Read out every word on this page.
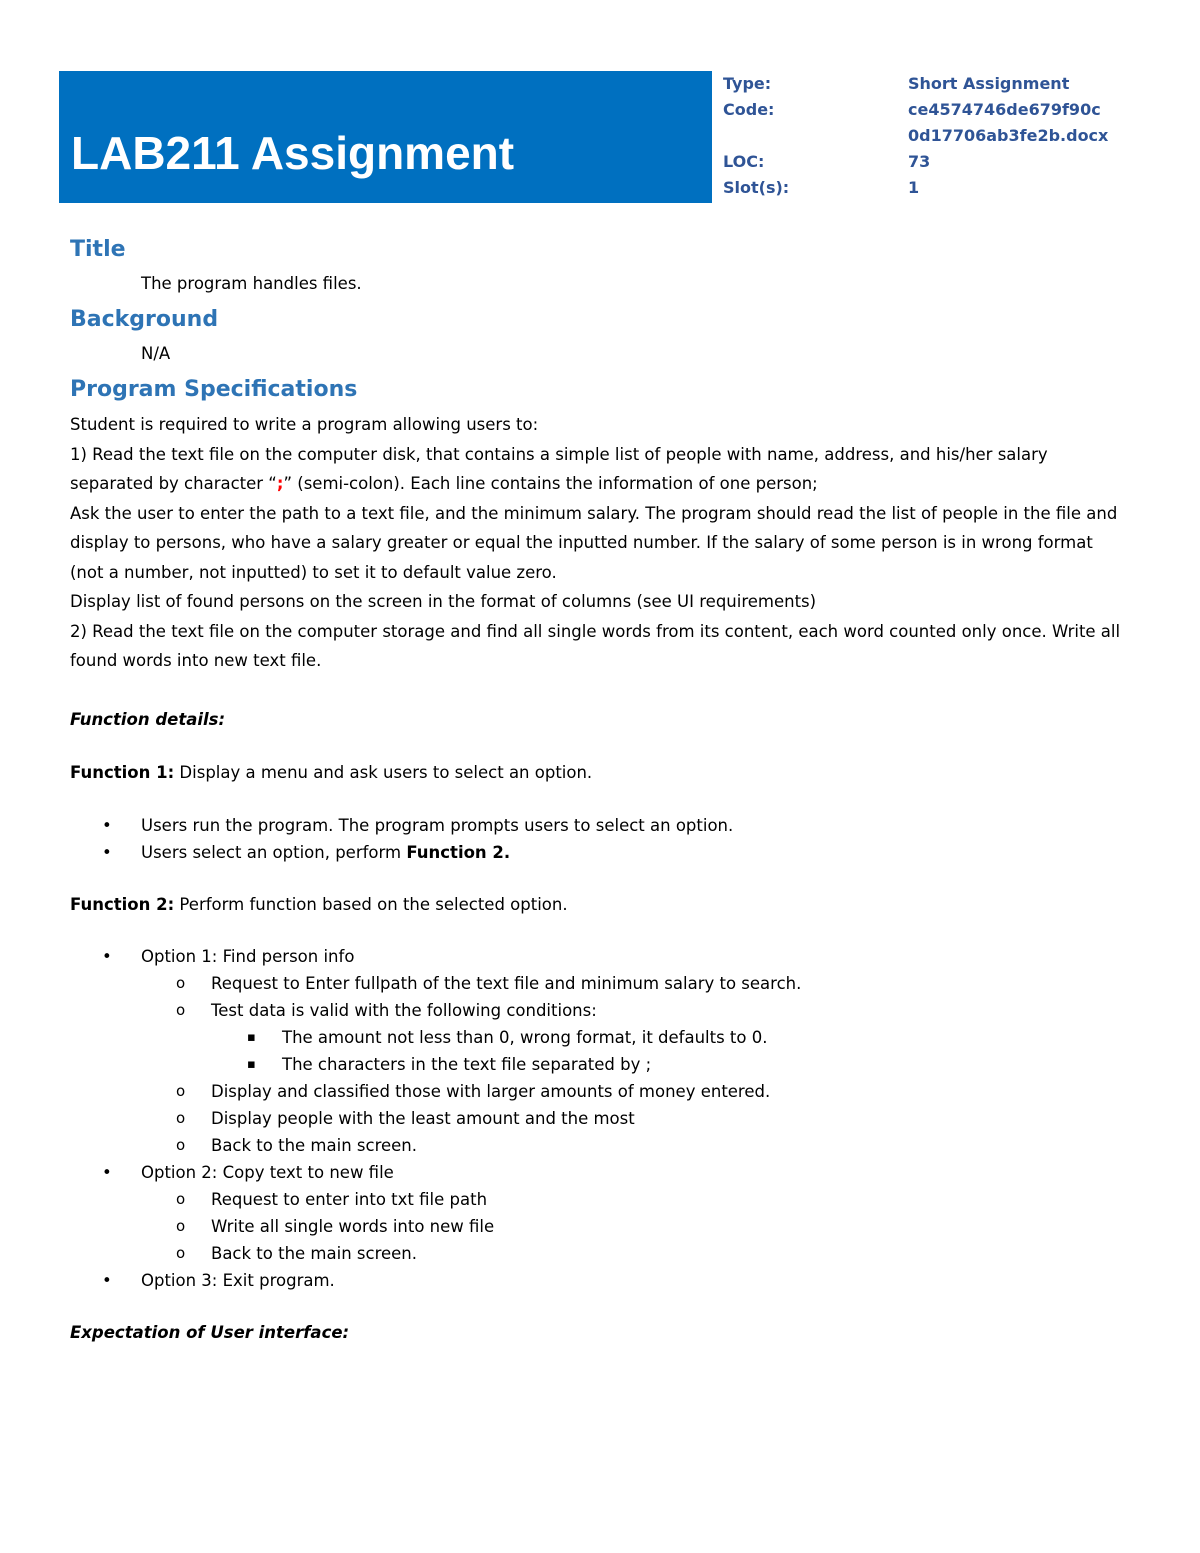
LAB211 Assignment
Type:	Short Assignment
Code:	ce4574746de679f90c
0d17706ab3fe2b.docx
LOC:	73
Slot(s):	1
Title
The program handles files.
Background
N/A
Program Specifications

Student is required to write a program allowing users to:

1) Read the text file on the computer disk, that contains a simple list of people with name, address, and his/her salary separated by character “;” (semi-colon). Each line contains the information of one person;

Ask the user to enter the path to a text file, and the minimum salary. The program should read the list of people in the file and display to persons, who have a salary greater or equal the inputted number. If the salary of some person is in wrong format (not a number, not inputted) to set it to default value zero.

Display list of found persons on the screen in the format of columns (see UI requirements)

2) Read the text file on the computer storage and find all single words from its content, each word counted only once. Write all found words into new text file.

Function details:

Function 1: Display a menu and ask users to select an option.

• Users run the program. The program prompts users to select an option.
• Users select an option, perform Function 2.

Function 2: Perform function based on the selected option.

• Option 1: Find person info
o Request to Enter fullpath of the text file and minimum salary to search.
o Test data is valid with the following conditions:
▪ The amount not less than 0, wrong format, it defaults to 0.
▪ The characters in the text file separated by ;
o Display and classified those with larger amounts of money entered.
o Display people with the least amount and the most
o Back to the main screen.
• Option 2: Copy text to new file
o Request to enter into txt file path
o Write all single words into new file
o Back to the main screen.
• Option 3: Exit program.

Expectation of User interface:
